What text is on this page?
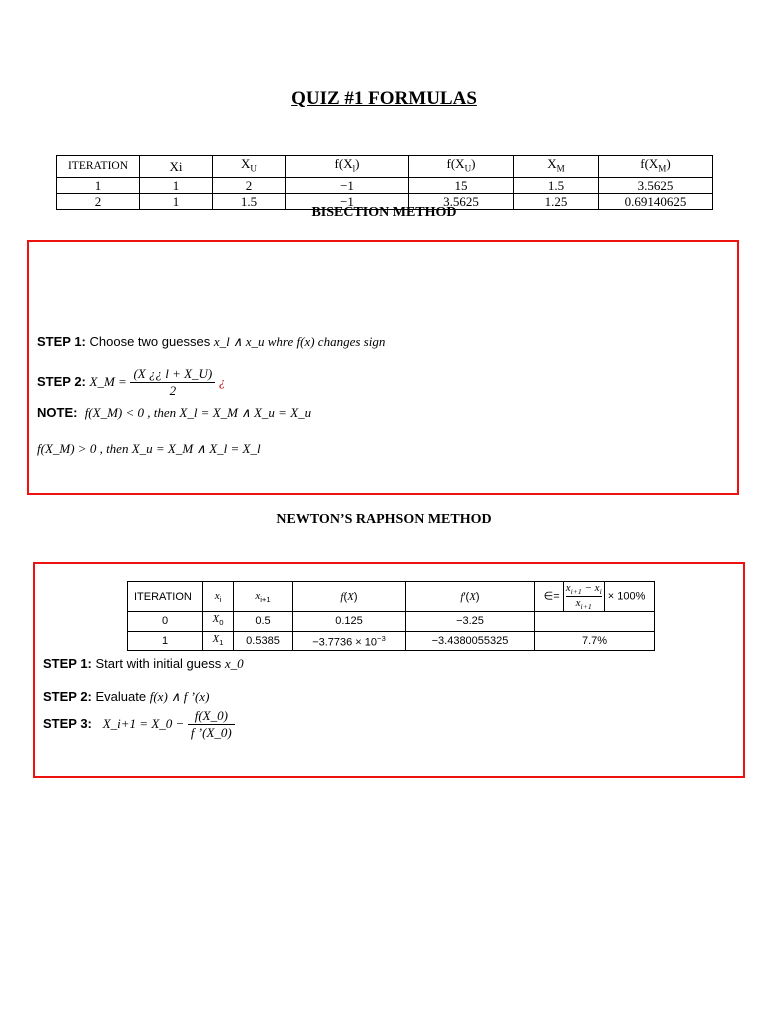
QUIZ #1 FORMULAS
ITERATION	Xi	$X_U$	$f(X_l)$	$f(X_U)$	$X_M$	$f(X_M)$
1	1	2	−1	15	1.5	3.5625
2	1	1.5	−1	3.5625	1.25	0.69140625
BISECTION METHOD
STEP 1: Choose two guesses x_l ∧ x_u whre f(x) changes sign
STEP 2: X_M = $\frac{(X ¿¿ l + X\_U)}{2}$ ¿
NOTE: f(X_M) < 0 , then X_l = X_M ∧ X_u = X_u
f(X_M) > 0 , then X_u = X_M ∧ X_l = X_l
NEWTON’S RAPHSON METHOD
ITERATION	$x_i$	$x_{i+1}$	f(X)	f′(X)	∈= $\frac{x_{i+1} - x_i}{x_{i+1}} \times 100\%$
0	$X_0$	0.5	0.125	−3.25	
1	$X_1$	0.5385	$-3.7736 \times 10^{-3}$	−3.4380055325	7.7%
STEP 1: Start with initial guess x_0
STEP 2: Evaluate f(x) ∧ f ’(x)
STEP 3: X_i+1 = X_0 − $\frac{f(X\_0)}{f ’(X\_0)}$
